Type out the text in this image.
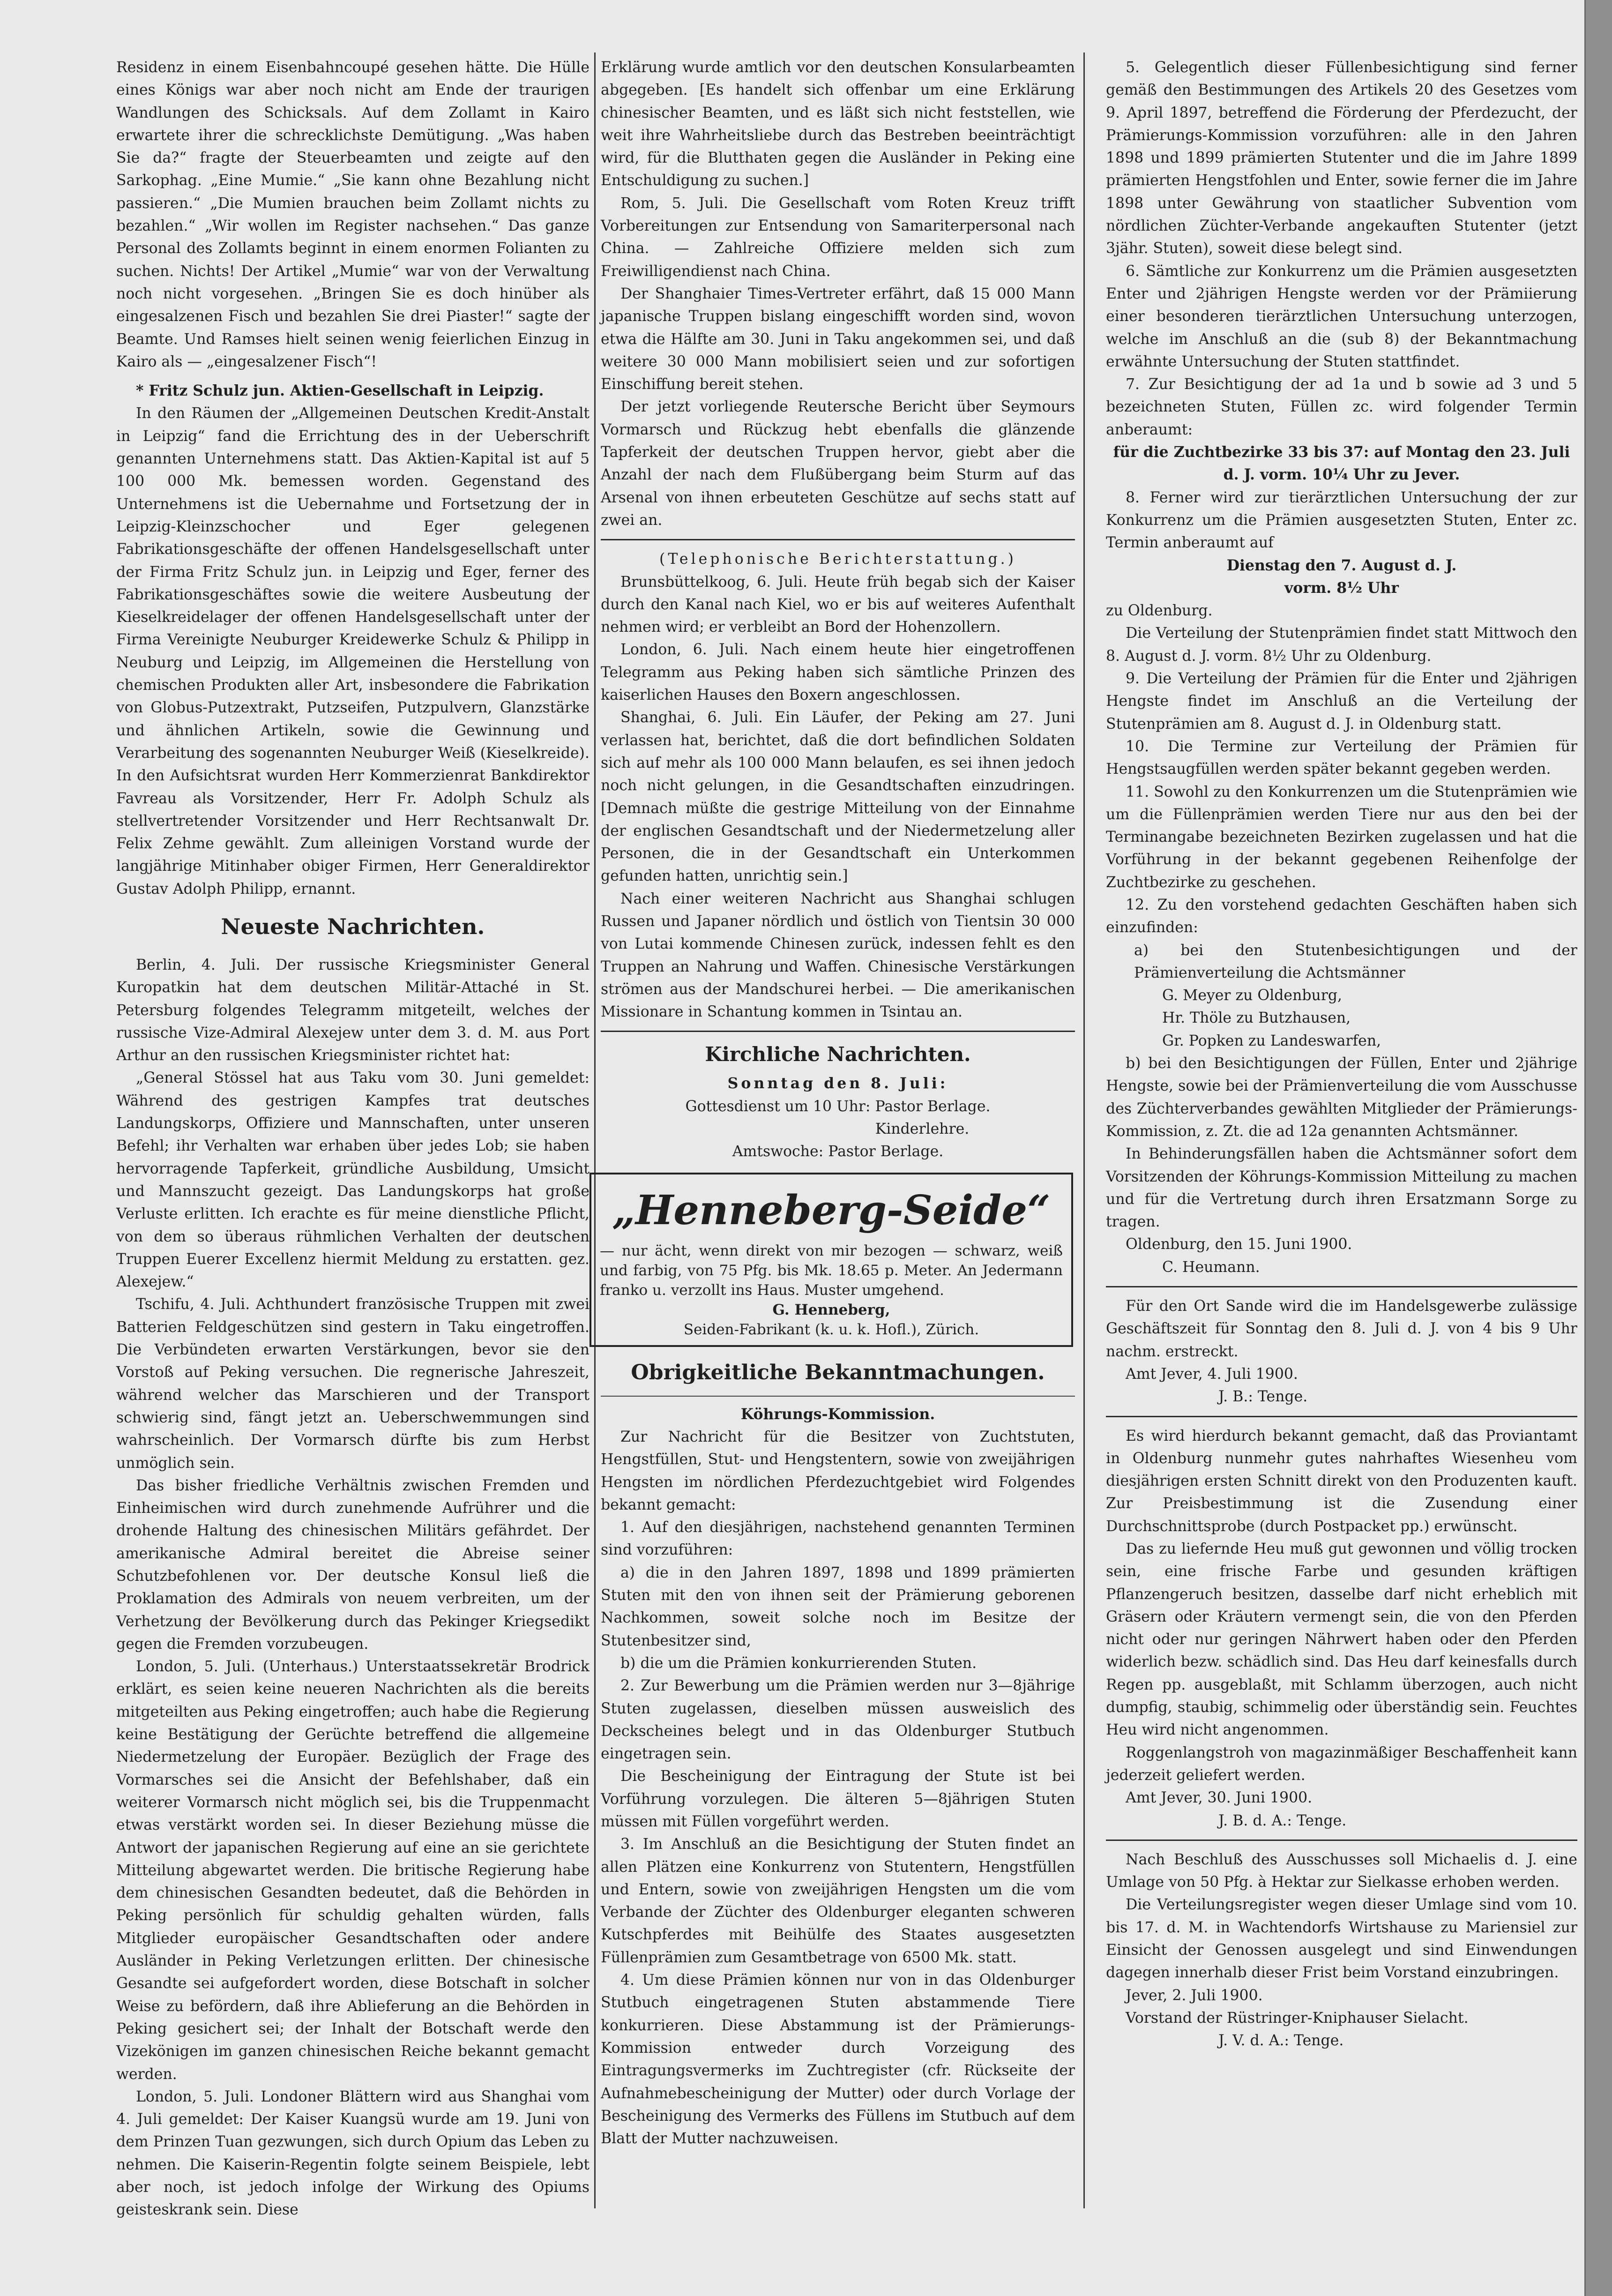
Residenz in einem Eisenbahncoupé gesehen hätte. Die Hülle eines Königs war aber noch nicht am Ende der traurigen Wandlungen des Schicksals. Auf dem Zollamt in Kairo erwartete ihrer die schrecklichste Demütigung. „Was haben Sie da?“ fragte der Steuerbeamten und zeigte auf den Sarkophag. „Eine Mumie.“ „Sie kann ohne Bezahlung nicht passieren.“ „Die Mumien brauchen beim Zollamt nichts zu bezahlen.“ „Wir wollen im Register nachsehen.“ Das ganze Personal des Zollamts beginnt in einem enormen Folianten zu suchen. Nichts! Der Artikel „Mumie“ war von der Verwaltung noch nicht vorgesehen. „Bringen Sie es doch hinüber als eingesalzenen Fisch und bezahlen Sie drei Piaster!“ sagte der Beamte. Und Ramses hielt seinen wenig feierlichen Einzug in Kairo als — „eingesalzener Fisch“!

* Fritz Schulz jun. Aktien-Gesellschaft in Leipzig.

In den Räumen der „Allgemeinen Deutschen Kredit-Anstalt in Leipzig“ fand die Errichtung des in der Ueberschrift genannten Unternehmens statt. Das Aktien-Kapital ist auf 5 100 000 Mk. bemessen worden. Gegenstand des Unternehmens ist die Uebernahme und Fortsetzung der in Leipzig-Kleinzschocher und Eger gelegenen Fabrikationsgeschäfte der offenen Handelsgesellschaft unter der Firma Fritz Schulz jun. in Leipzig und Eger, ferner des Fabrikationsgeschäftes sowie die weitere Ausbeutung der Kieselkreidelager der offenen Handelsgesellschaft unter der Firma Vereinigte Neuburger Kreidewerke Schulz & Philipp in Neuburg und Leipzig, im Allgemeinen die Herstellung von chemischen Produkten aller Art, insbesondere die Fabrikation von Globus-Putzextrakt, Putzseifen, Putzpulvern, Glanzstärke und ähnlichen Artikeln, sowie die Gewinnung und Verarbeitung des sogenannten Neuburger Weiß (Kieselkreide). In den Aufsichtsrat wurden Herr Kommerzienrat Bankdirektor Favreau als Vorsitzender, Herr Fr. Adolph Schulz als stellvertretender Vorsitzender und Herr Rechtsanwalt Dr. Felix Zehme gewählt. Zum alleinigen Vorstand wurde der langjährige Mitinhaber obiger Firmen, Herr Generaldirektor Gustav Adolph Philipp, ernannt.

Neueste Nachrichten.

Berlin, 4. Juli. Der russische Kriegsminister General Kuropatkin hat dem deutschen Militär-Attaché in St. Petersburg folgendes Telegramm mitgeteilt, welches der russische Vize-Admiral Alexejew unter dem 3. d. M. aus Port Arthur an den russischen Kriegsminister richtet hat:

„General Stössel hat aus Taku vom 30. Juni gemeldet: Während des gestrigen Kampfes trat deutsches Landungskorps, Offiziere und Mannschaften, unter unseren Befehl; ihr Verhalten war erhaben über jedes Lob; sie haben hervorragende Tapferkeit, gründliche Ausbildung, Umsicht und Mannszucht gezeigt. Das Landungskorps hat große Verluste erlitten. Ich erachte es für meine dienstliche Pflicht, von dem so überaus rühmlichen Verhalten der deutschen Truppen Euerer Excellenz hiermit Meldung zu erstatten. gez. Alexejew.“

Tschifu, 4. Juli. Achthundert französische Truppen mit zwei Batterien Feldgeschützen sind gestern in Taku eingetroffen. Die Verbündeten erwarten Verstärkungen, bevor sie den Vorstoß auf Peking versuchen. Die regnerische Jahreszeit, während welcher das Marschieren und der Transport schwierig sind, fängt jetzt an. Ueberschwemmungen sind wahrscheinlich. Der Vormarsch dürfte bis zum Herbst unmöglich sein.

Das bisher friedliche Verhältnis zwischen Fremden und Einheimischen wird durch zunehmende Aufrührer und die drohende Haltung des chinesischen Militärs gefährdet. Der amerikanische Admiral bereitet die Abreise seiner Schutzbefohlenen vor. Der deutsche Konsul ließ die Proklamation des Admirals von neuem verbreiten, um der Verhetzung der Bevölkerung durch das Pekinger Kriegsedikt gegen die Fremden vorzubeugen.

London, 5. Juli. (Unterhaus.) Unterstaatssekretär Brodrick erklärt, es seien keine neueren Nachrichten als die bereits mitgeteilten aus Peking eingetroffen; auch habe die Regierung keine Bestätigung der Gerüchte betreffend die allgemeine Niedermetzelung der Europäer. Bezüglich der Frage des Vormarsches sei die Ansicht der Befehlshaber, daß ein weiterer Vormarsch nicht möglich sei, bis die Truppenmacht etwas verstärkt worden sei. In dieser Beziehung müsse die Antwort der japanischen Regierung auf eine an sie gerichtete Mitteilung abgewartet werden. Die britische Regierung habe dem chinesischen Gesandten bedeutet, daß die Behörden in Peking persönlich für schuldig gehalten würden, falls Mitglieder europäischer Gesandtschaften oder andere Ausländer in Peking Verletzungen erlitten. Der chinesische Gesandte sei aufgefordert worden, diese Botschaft in solcher Weise zu befördern, daß ihre Ablieferung an die Behörden in Peking gesichert sei; der Inhalt der Botschaft werde den Vizekönigen im ganzen chinesischen Reiche bekannt gemacht werden.

London, 5. Juli. Londoner Blättern wird aus Shanghai vom 4. Juli gemeldet: Der Kaiser Kuangsü wurde am 19. Juni von dem Prinzen Tuan gezwungen, sich durch Opium das Leben zu nehmen. Die Kaiserin-Regentin folgte seinem Beispiele, lebt aber noch, ist jedoch infolge der Wirkung des Opiums geisteskrank sein. Diese

Erklärung wurde amtlich vor den deutschen Konsularbeamten abgegeben. [Es handelt sich offenbar um eine Erklärung chinesischer Beamten, und es läßt sich nicht feststellen, wie weit ihre Wahrheitsliebe durch das Bestreben beeinträchtigt wird, für die Blutthaten gegen die Ausländer in Peking eine Entschuldigung zu suchen.]

Rom, 5. Juli. Die Gesellschaft vom Roten Kreuz trifft Vorbereitungen zur Entsendung von Samariterpersonal nach China. — Zahlreiche Offiziere melden sich zum Freiwilligendienst nach China.

Der Shanghaier Times-Vertreter erfährt, daß 15 000 Mann japanische Truppen bislang eingeschifft worden sind, wovon etwa die Hälfte am 30. Juni in Taku angekommen sei, und daß weitere 30 000 Mann mobilisiert seien und zur sofortigen Einschiffung bereit stehen.

Der jetzt vorliegende Reutersche Bericht über Seymours Vormarsch und Rückzug hebt ebenfalls die glänzende Tapferkeit der deutschen Truppen hervor, giebt aber die Anzahl der nach dem Flußübergang beim Sturm auf das Arsenal von ihnen erbeuteten Geschütze auf sechs statt auf zwei an.

(Telephonische Berichterstattung.)

Brunsbüttelkoog, 6. Juli. Heute früh begab sich der Kaiser durch den Kanal nach Kiel, wo er bis auf weiteres Aufenthalt nehmen wird; er verbleibt an Bord der Hohenzollern.

London, 6. Juli. Nach einem heute hier eingetroffenen Telegramm aus Peking haben sich sämtliche Prinzen des kaiserlichen Hauses den Boxern angeschlossen.

Shanghai, 6. Juli. Ein Läufer, der Peking am 27. Juni verlassen hat, berichtet, daß die dort befindlichen Soldaten sich auf mehr als 100 000 Mann belaufen, es sei ihnen jedoch noch nicht gelungen, in die Gesandtschaften einzudringen. [Demnach müßte die gestrige Mitteilung von der Einnahme der englischen Gesandtschaft und der Niedermetzelung aller Personen, die in der Gesandtschaft ein Unterkommen gefunden hatten, unrichtig sein.]

Nach einer weiteren Nachricht aus Shanghai schlugen Russen und Japaner nördlich und östlich von Tientsin 30 000 von Lutai kommende Chinesen zurück, indessen fehlt es den Truppen an Nahrung und Waffen. Chinesische Verstärkungen strömen aus der Mandschurei herbei. — Die amerikanischen Missionare in Schantung kommen in Tsintau an.

Kirchliche Nachrichten.

Sonntag den 8. Juli:

Gottesdienst um 10 Uhr: Pastor Berlage.

Kinderlehre.

Amtswoche: Pastor Berlage.

„Henneberg-Seide“

— nur ächt, wenn direkt von mir bezogen — schwarz, weiß und farbig, von 75 Pfg. bis Mk. 18.65 p. Meter. An Jedermann franko u. verzollt ins Haus. Muster umgehend.

G. Henneberg,

Seiden-Fabrikant (k. u. k. Hofl.), Zürich.

Obrigkeitliche Bekanntmachungen.

Köhrungs-Kommission.

Zur Nachricht für die Besitzer von Zuchtstuten, Hengstfüllen, Stut- und Hengstentern, sowie von zweijährigen Hengsten im nördlichen Pferdezuchtgebiet wird Folgendes bekannt gemacht:

1. Auf den diesjährigen, nachstehend genannten Terminen sind vorzuführen:

a) die in den Jahren 1897, 1898 und 1899 prämierten Stuten mit den von ihnen seit der Prämierung geborenen Nachkommen, soweit solche noch im Besitze der Stutenbesitzer sind,

b) die um die Prämien konkurrierenden Stuten.

2. Zur Bewerbung um die Prämien werden nur 3—8jährige Stuten zugelassen, dieselben müssen ausweislich des Deckscheines belegt und in das Oldenburger Stutbuch eingetragen sein.

Die Bescheinigung der Eintragung der Stute ist bei Vorführung vorzulegen. Die älteren 5—8jährigen Stuten müssen mit Füllen vorgeführt werden.

3. Im Anschluß an die Besichtigung der Stuten findet an allen Plätzen eine Konkurrenz von Stutentern, Hengstfüllen und Entern, sowie von zweijährigen Hengsten um die vom Verbande der Züchter des Oldenburger eleganten schweren Kutschpferdes mit Beihülfe des Staates ausgesetzten Füllenprämien zum Gesamtbetrage von 6500 Mk. statt.

4. Um diese Prämien können nur von in das Oldenburger Stutbuch eingetragenen Stuten abstammende Tiere konkurrieren. Diese Abstammung ist der Prämierungs-Kommission entweder durch Vorzeigung des Eintragungsvermerks im Zuchtregister (cfr. Rückseite der Aufnahmebescheinigung der Mutter) oder durch Vorlage der Bescheinigung des Vermerks des Füllens im Stutbuch auf dem Blatt der Mutter nachzuweisen.

5. Gelegentlich dieser Füllenbesichtigung sind ferner gemäß den Bestimmungen des Artikels 20 des Gesetzes vom 9. April 1897, betreffend die Förderung der Pferdezucht, der Prämierungs-Kommission vorzuführen: alle in den Jahren 1898 und 1899 prämierten Stutenter und die im Jahre 1899 prämierten Hengstfohlen und Enter, sowie ferner die im Jahre 1898 unter Gewährung von staatlicher Subvention vom nördlichen Züchter-Verbande angekauften Stutenter (jetzt 3jähr. Stuten), soweit diese belegt sind.

6. Sämtliche zur Konkurrenz um die Prämien ausgesetzten Enter und 2jährigen Hengste werden vor der Prämiierung einer besonderen tierärztlichen Untersuchung unterzogen, welche im Anschluß an die (sub 8) der Bekanntmachung erwähnte Untersuchung der Stuten stattfindet.

7. Zur Besichtigung der ad 1a und b sowie ad 3 und 5 bezeichneten Stuten, Füllen zc. wird folgender Termin anberaumt:

für die Zuchtbezirke 33 bis 37: auf Montag den 23. Juli d. J. vorm. 10¼ Uhr zu Jever.

8. Ferner wird zur tierärztlichen Untersuchung der zur Konkurrenz um die Prämien ausgesetzten Stuten, Enter zc. Termin anberaumt auf

Dienstag den 7. August d. J.

vorm. 8½ Uhr

zu Oldenburg.

Die Verteilung der Stutenprämien findet statt Mittwoch den 8. August d. J. vorm. 8½ Uhr zu Oldenburg.

9. Die Verteilung der Prämien für die Enter und 2jährigen Hengste findet im Anschluß an die Verteilung der Stutenprämien am 8. August d. J. in Oldenburg statt.

10. Die Termine zur Verteilung der Prämien für Hengstsaugfüllen werden später bekannt gegeben werden.

11. Sowohl zu den Konkurrenzen um die Stutenprämien wie um die Füllenprämien werden Tiere nur aus den bei der Terminangabe bezeichneten Bezirken zugelassen und hat die Vorführung in der bekannt gegebenen Reihenfolge der Zuchtbezirke zu geschehen.

12. Zu den vorstehend gedachten Geschäften haben sich einzufinden:

a) bei den Stutenbesichtigungen und der Prämienverteilung die Achtsmänner

G. Meyer zu Oldenburg,

Hr. Thöle zu Butzhausen,

Gr. Popken zu Landeswarfen,

b) bei den Besichtigungen der Füllen, Enter und 2jährige Hengste, sowie bei der Prämienverteilung die vom Ausschusse des Züchterverbandes gewählten Mitglieder der Prämierungs-Kommission, z. Zt. die ad 12a genannten Achtsmänner.

In Behinderungsfällen haben die Achtsmänner sofort dem Vorsitzenden der Köhrungs-Kommission Mitteilung zu machen und für die Vertretung durch ihren Ersatzmann Sorge zu tragen.

Oldenburg, den 15. Juni 1900.

C. Heumann.

Für den Ort Sande wird die im Handelsgewerbe zulässige Geschäftszeit für Sonntag den 8. Juli d. J. von 4 bis 9 Uhr nachm. erstreckt.

Amt Jever, 4. Juli 1900.

J. B.: Tenge.

Es wird hierdurch bekannt gemacht, daß das Proviantamt in Oldenburg nunmehr gutes nahrhaftes Wiesenheu vom diesjährigen ersten Schnitt direkt von den Produzenten kauft. Zur Preisbestimmung ist die Zusendung einer Durchschnittsprobe (durch Postpacket pp.) erwünscht.

Das zu liefernde Heu muß gut gewonnen und völlig trocken sein, eine frische Farbe und gesunden kräftigen Pflanzengeruch besitzen, dasselbe darf nicht erheblich mit Gräsern oder Kräutern vermengt sein, die von den Pferden nicht oder nur geringen Nährwert haben oder den Pferden widerlich bezw. schädlich sind. Das Heu darf keinesfalls durch Regen pp. ausgeblaßt, mit Schlamm überzogen, auch nicht dumpfig, staubig, schimmelig oder überständig sein. Feuchtes Heu wird nicht angenommen.

Roggenlangstroh von magazinmäßiger Beschaffenheit kann jederzeit geliefert werden.

Amt Jever, 30. Juni 1900.

J. B. d. A.: Tenge.

Nach Beschluß des Ausschusses soll Michaelis d. J. eine Umlage von 50 Pfg. à Hektar zur Sielkasse erhoben werden.

Die Verteilungsregister wegen dieser Umlage sind vom 10. bis 17. d. M. in Wachtendorfs Wirtshause zu Mariensiel zur Einsicht der Genossen ausgelegt und sind Einwendungen dagegen innerhalb dieser Frist beim Vorstand einzubringen.

Jever, 2. Juli 1900.

Vorstand der Rüstringer-Kniphauser Sielacht.

J. V. d. A.: Tenge.
